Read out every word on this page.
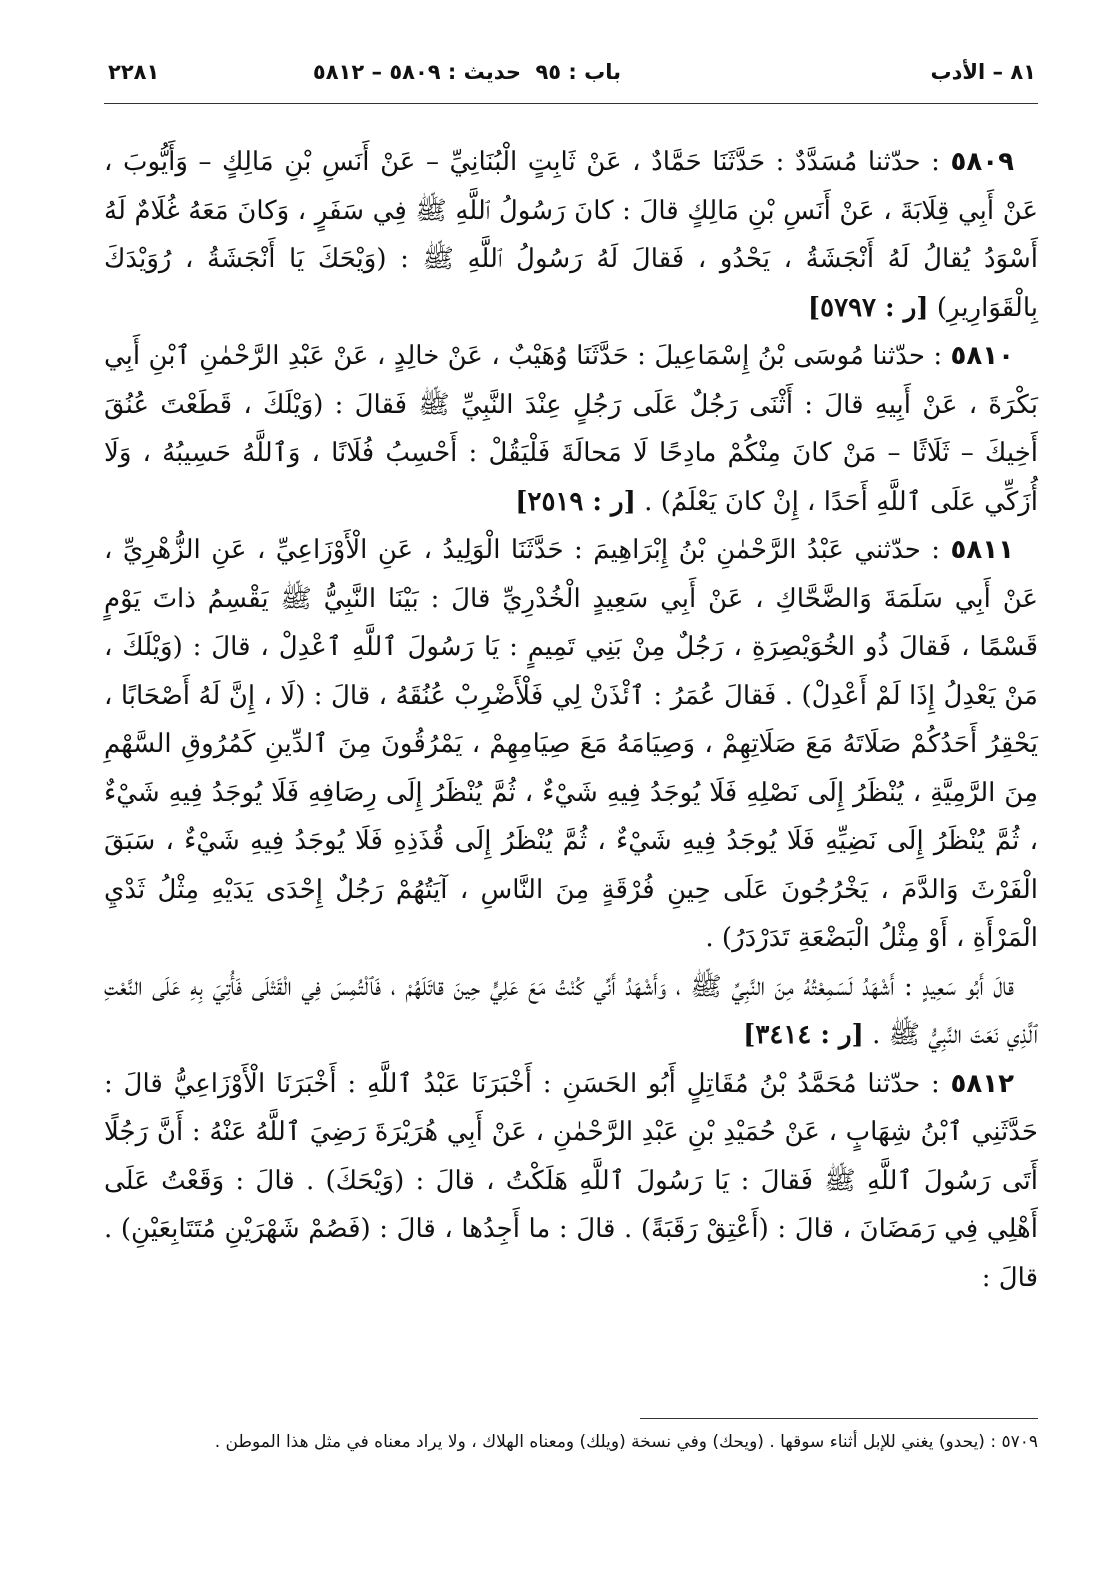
٨١ – الأدب
باب : ٩٥
حديث : ٥٨٠٩ – ٥٨١٢
٢٢٨١

٥٨٠٩ : حدّثنا مُسَدَّدٌ : حَدَّثَنَا حَمَّادٌ ، عَنْ ثَابِتٍ الْبُنَانِيِّ – عَنْ أَنَسِ بْنِ مَالِكٍ – وَأَيُّوبَ ، عَنْ أَبِي قِلَابَةَ ، عَنْ أَنَسِ بْنِ مَالِكٍ قالَ : كانَ رَسُولُ ٱللَّهِ ﷺ فِي سَفَرٍ ، وَكانَ مَعَهُ غُلَامٌ لَهُ أَسْوَدُ يُقالُ لَهُ أَنْجَشَةُ ، يَحْدُو ، فَقالَ لَهُ رَسُولُ ٱللَّهِ ﷺ : (وَيْحَكَ يَا أَنْجَشَةُ ، رُوَيْدَكَ بِالْقَوَارِيرِ) [ر : ٥٧٩٧]

٥٨١٠ : حدّثنا مُوسَى بْنُ إِسْمَاعِيلَ : حَدَّثَنَا وُهَيْبٌ ، عَنْ خالِدٍ ، عَنْ عَبْدِ الرَّحْمٰنِ ٱبْنِ أَبِي بَكْرَةَ ، عَنْ أَبِيهِ قالَ : أَثْنَى رَجُلٌ عَلَى رَجُلٍ عِنْدَ النَّبِيِّ ﷺ فَقالَ : (وَيْلَكَ ، قَطَعْتَ عُنُقَ أَخِيكَ – ثَلَاثًا – مَنْ كانَ مِنْكُمْ مادِحًا لَا مَحالَةَ فَلْيَقُلْ : أَحْسِبُ فُلَانًا ، وَٱللَّهُ حَسِيبُهُ ، وَلَا أُزَكِّي عَلَى ٱللَّهِ أَحَدًا ، إِنْ كانَ يَعْلَمُ) . [ر : ٢٥١٩]

٥٨١١ : حدّثني عَبْدُ الرَّحْمٰنِ بْنُ إِبْرَاهِيمَ : حَدَّثَنَا الْوَلِيدُ ، عَنِ الْأَوْزَاعِيِّ ، عَنِ الزُّهْرِيِّ ، عَنْ أَبِي سَلَمَةَ وَالضَّحَّاكِ ، عَنْ أَبِي سَعِيدٍ الْخُدْرِيِّ قالَ : بَيْنَا النَّبِيُّ ﷺ يَقْسِمُ ذاتَ يَوْمٍ قَسْمًا ، فَقالَ ذُو الخُوَيْصِرَةِ ، رَجُلٌ مِنْ بَنِي تَمِيمٍ : يَا رَسُولَ ٱللَّهِ ٱعْدِلْ ، قالَ : (وَيْلَكَ ، مَنْ يَعْدِلُ إِذَا لَمْ أَعْدِلْ) . فَقالَ عُمَرُ : ٱئْذَنْ لِي فَلْأَضْرِبْ عُنُقَهُ ، قالَ : (لَا ، إِنَّ لَهُ أَصْحَابًا ، يَحْقِرُ أَحَدُكُمْ صَلَاتَهُ مَعَ صَلَاتِهِمْ ، وَصِيَامَهُ مَعَ صِيَامِهِمْ ، يَمْرُقُونَ مِنَ ٱلدِّينِ كَمُرُوقِ السَّهْمِ مِنَ الرَّمِيَّةِ ، يُنْظَرُ إِلَى نَصْلِهِ فَلَا يُوجَدُ فِيهِ شَيْءٌ ، ثُمَّ يُنْظَرُ إِلَى رِصَافِهِ فَلَا يُوجَدُ فِيهِ شَيْءٌ ، ثُمَّ يُنْظَرُ إِلَى نَضِيِّهِ فَلَا يُوجَدُ فِيهِ شَيْءٌ ، ثُمَّ يُنْظَرُ إِلَى قُذَذِهِ فَلَا يُوجَدُ فِيهِ شَيْءٌ ، سَبَقَ الْفَرْثَ وَالدَّمَ ، يَخْرُجُونَ عَلَى حِينِ فُرْقَةٍ مِنَ النَّاسِ ، آيَتُهُمْ رَجُلٌ إِحْدَى يَدَيْهِ مِثْلُ ثَدْيِ الْمَرْأَةِ ، أَوْ مِثْلُ الْبَضْعَةِ تَدَرْدَرُ) .

قالَ أَبُو سَعِيدٍ : أَشْهَدُ لَسَمِعْتُهُ مِنَ النَّبِيِّ ﷺ ، وَأَشْهَدُ أَنِّي كُنْتُ مَعَ عَلِيٍّ حِينَ قاتَلَهُمْ ، فَٱلْتُمِسَ فِي الْقَتْلَى فَأُتِيَ بِهِ عَلَى النَّعْتِ ٱلَّذِي نَعَتَ النَّبِيُّ ﷺ . [ر : ٣٤١٤]

٥٨١٢ : حدّثنا مُحَمَّدُ بْنُ مُقَاتِلٍ أَبُو الحَسَنِ : أَخْبَرَنَا عَبْدُ ٱللَّهِ : أَخْبَرَنَا الْأَوْزَاعِيُّ قالَ : حَدَّثَنِي ٱبْنُ شِهَابٍ ، عَنْ حُمَيْدِ بْنِ عَبْدِ الرَّحْمٰنِ ، عَنْ أَبِي هُرَيْرَةَ رَضِيَ ٱللَّهُ عَنْهُ : أَنَّ رَجُلًا أَتَى رَسُولَ ٱللَّهِ ﷺ فَقالَ : يَا رَسُولَ ٱللَّهِ هَلَكْتُ ، قالَ : (وَيْحَكَ) . قالَ : وَقَعْتُ عَلَى أَهْلِي فِي رَمَضَانَ ، قالَ : (أَعْتِقْ رَقَبَةً) . قالَ : ما أَجِدُها ، قالَ : (فَصُمْ شَهْرَيْنِ مُتَتَابِعَيْنِ) . قالَ :

٥٧٠٩ : (يحدو) يغني للإبل أثناء سوقها . (ويحك) وفي نسخة (ويلك) ومعناه الهلاك ، ولا يراد معناه في مثل هذا الموطن .
